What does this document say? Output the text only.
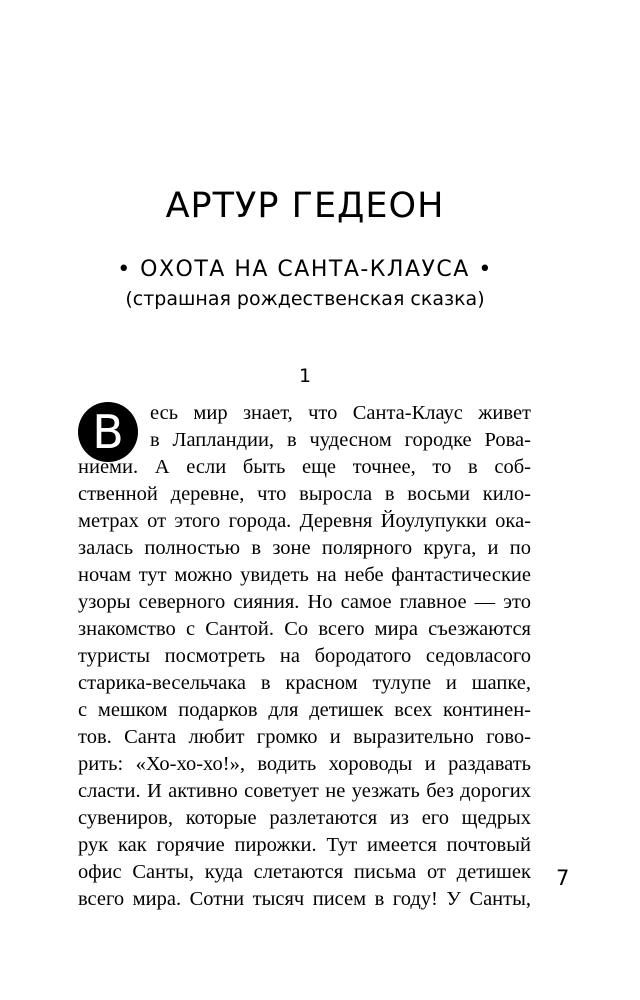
АРТУР ГЕДЕОН
• ОХОТА НА САНТА-КЛАУСА •
(страшная рождественская сказка)
1
В	есь мир знает, что Санта-Клаус живет
в Лапландии, в чудесном городке Рова-
ниеми. А если быть еще точнее, то в соб-
ственной деревне, что выросла в восьми кило-
метрах от этого города. Деревня Йоулупукки ока-
залась полностью в зоне полярного круга, и по
ночам тут можно увидеть на небе фантастические
узоры северного сияния. Но самое главное — это
знакомство с Сантой. Со всего мира съезжаются
туристы посмотреть на бородатого седовласого
старика-весельчака в красном тулупе и шапке,
с мешком подарков для детишек всех континен-
тов. Санта любит громко и выразительно гово-
рить: «Хо-хо-хо!», водить хороводы и раздавать
сласти. И активно советует не уезжать без дорогих
сувениров, которые разлетаются из его щедрых
рук как горячие пирожки. Тут имеется почтовый
офис Санты, куда слетаются письма от детишек
всего мира. Сотни тысяч писем в году! У Санты,
7
